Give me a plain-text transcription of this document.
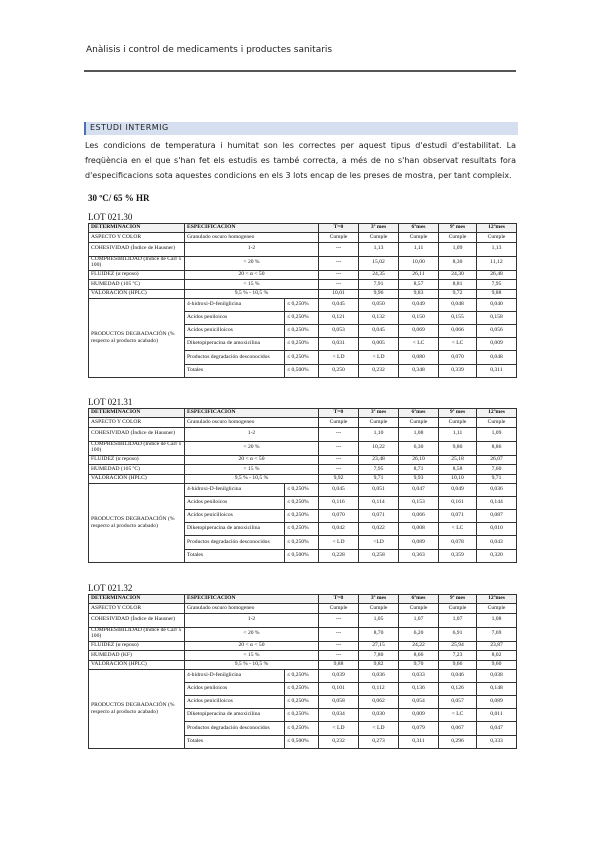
Anàlisis i control de medicaments i productes sanitaris
ESTUDI INTERMIG
Les condicions de temperatura i humitat son les correctes per aquest tipus d'estudi d'estabilitat. La freqüència en el que s'han fet els estudis es també correcta, a més de no s'han observat resultats fora d'especificacions sota aquestes condicions en els 3 lots encap de les preses de mostra, per tant compleix.
30 ºC/ 65 % HR
LOT 021.30
DETERMINACIÓN	ESPECIFICACIÓN		T=0	3º mes	6ºmes	9º mes	12ºmes
ASPECTO Y COLOR	Granulado oscuro homogeneo		Cumple	Cumple	Cumple	Cumple	Cumple
COHESIVIDAD (Índice de Hausner)	1-2		---	1,13	1,11	1,09	1,13
COMPRESIBILIDAD (Índice de Carr x 100)	< 20 %		---	15,02	10,00	8,30	11,12
FLUIDEZ (α reposo)	20 < α < 50		---	24,35	26,11	24,30	26,48
HUMEDAD (105 ºC)	< 15 %		---	7,91	8,57	8,81	7,95
VALORACIÓN (HPLC)	9,5 % - 10,5 %		10,01	9,96	9,83	9,72	9,88
PRODUCTOS DEGRADACIÓN (% respecto al producto acabado)	4-hidroxi-D-fenilglicina	≤ 0,250%	0,045	0,050	0,049	0,048	0,040
	Acidos peniloicos	≤ 0,250%	0,121	0,132	0,150	0,155	0,158
	Acidos penicilloicos	≤ 0,250%	0,053	0,045	0,069	0,066	0,056
	Diketopiperacina de amoxicilina	≤ 0,250%	0,031	0,005	< LC	< LC	0,009
	Productos degradación desconocidos	≤ 0,250%	< LD	< LD	0,080	0,070	0,048
	Totales	≤ 0,500%	0,250	0,232	0,348	0,339	0,311
LOT 021.31
DETERMINACIÓN	ESPECIFICACIÓN		T=0	3º mes	6ºmes	9º mes	12ºmes
ASPECTO Y COLOR	Granulado oscuro homogeneo		Cumple	Cumple	Cumple	Cumple	Cumple
COHESIVIDAD (Índice de Hausner)	1-2		---	1,10	1,08	1,11	1,09
COMPRESIBILIDAD (Índice de Carr x 100)	< 20 %		---	10,22	6,30	9,80	8,86
FLUIDEZ (α reposo)	20 < α < 50		---	23,48	26,10	25,18	26,07
HUMEDAD (105 ºC)	< 15 %		---	7,95	8,71	8,58	7,60
VALORACIÓN (HPLC)	9,5 % - 10,5 %		9,92	9,71	9,93	10,10	9,71
PRODUCTOS DEGRADACIÓN (% respecto al producto acabado)	4-hidroxi-D-fenilglicina	≤ 0,250%	0,045	0,051	0,047	0,049	0,036
	Acidos peniloicos	≤ 0,250%	0,116	0,114	0,153	0,161	0,144
	Acidos penicilloicos	≤ 0,250%	0,070	0,071	0,066	0,071	0,087
	Diketopiperacina de amoxicilina	≤ 0,250%	0,042	0,022	0,008	< LC	0,010
	Productos degradación desconocidos	≤ 0,250%	< LD	<LD	0,089	0,078	0,043
	Totales	≤ 0,500%	0,228	0,258	0,363	0,359	0,320
LOT 021.32
DETERMINACIÓN	ESPECIFICACIÓN		T=0	3º mes	6ºmes	9º mes	12ºmes
ASPECTO Y COLOR	Granulado oscuro homogeneo		Cumple	Cumple	Cumple	Cumple	Cumple
COHESIVIDAD (Índice de Hausner)	1-2		---	1,05	1,07	1,07	1,08
COMPRESIBILIDAD (Índice de Carr x 100)	< 20 %		---	8,70	6,20	6,91	7,69
FLUIDEZ (α reposo)	20 < α < 50		---	27,15	24,22	25,94	23,87
HUMEDAD (KF)	< 15 %		---	7,80	8,66	7,23	8,02
VALORACIÓN (HPLC)	9,5 % - 10,5 %		9,88	9,82	9,70	9,66	9,60
PRODUCTOS DEGRADACIÓN (% respecto al producto acabado)	4-hidroxi-D-fenilglicina	≤ 0,250%	0,039	0,036	0,033	0,046	0,038
	Acidos peniloicos	≤ 0,250%	0,101	0,112	0,136	0,126	0,148
	Acidos penicilloicos	≤ 0,250%	0,058	0,062	0,054	0,057	0,089
	Diketopiperacina de amoxicilina	≤ 0,250%	0,034	0,030	0,009	< LC	0,011
	Productos degradación desconocidos	≤ 0,250%	< LD	< LD	0,079	0,067	0,047
	Totales	≤ 0,500%	0,232	0,273	0,311	0,296	0,333
